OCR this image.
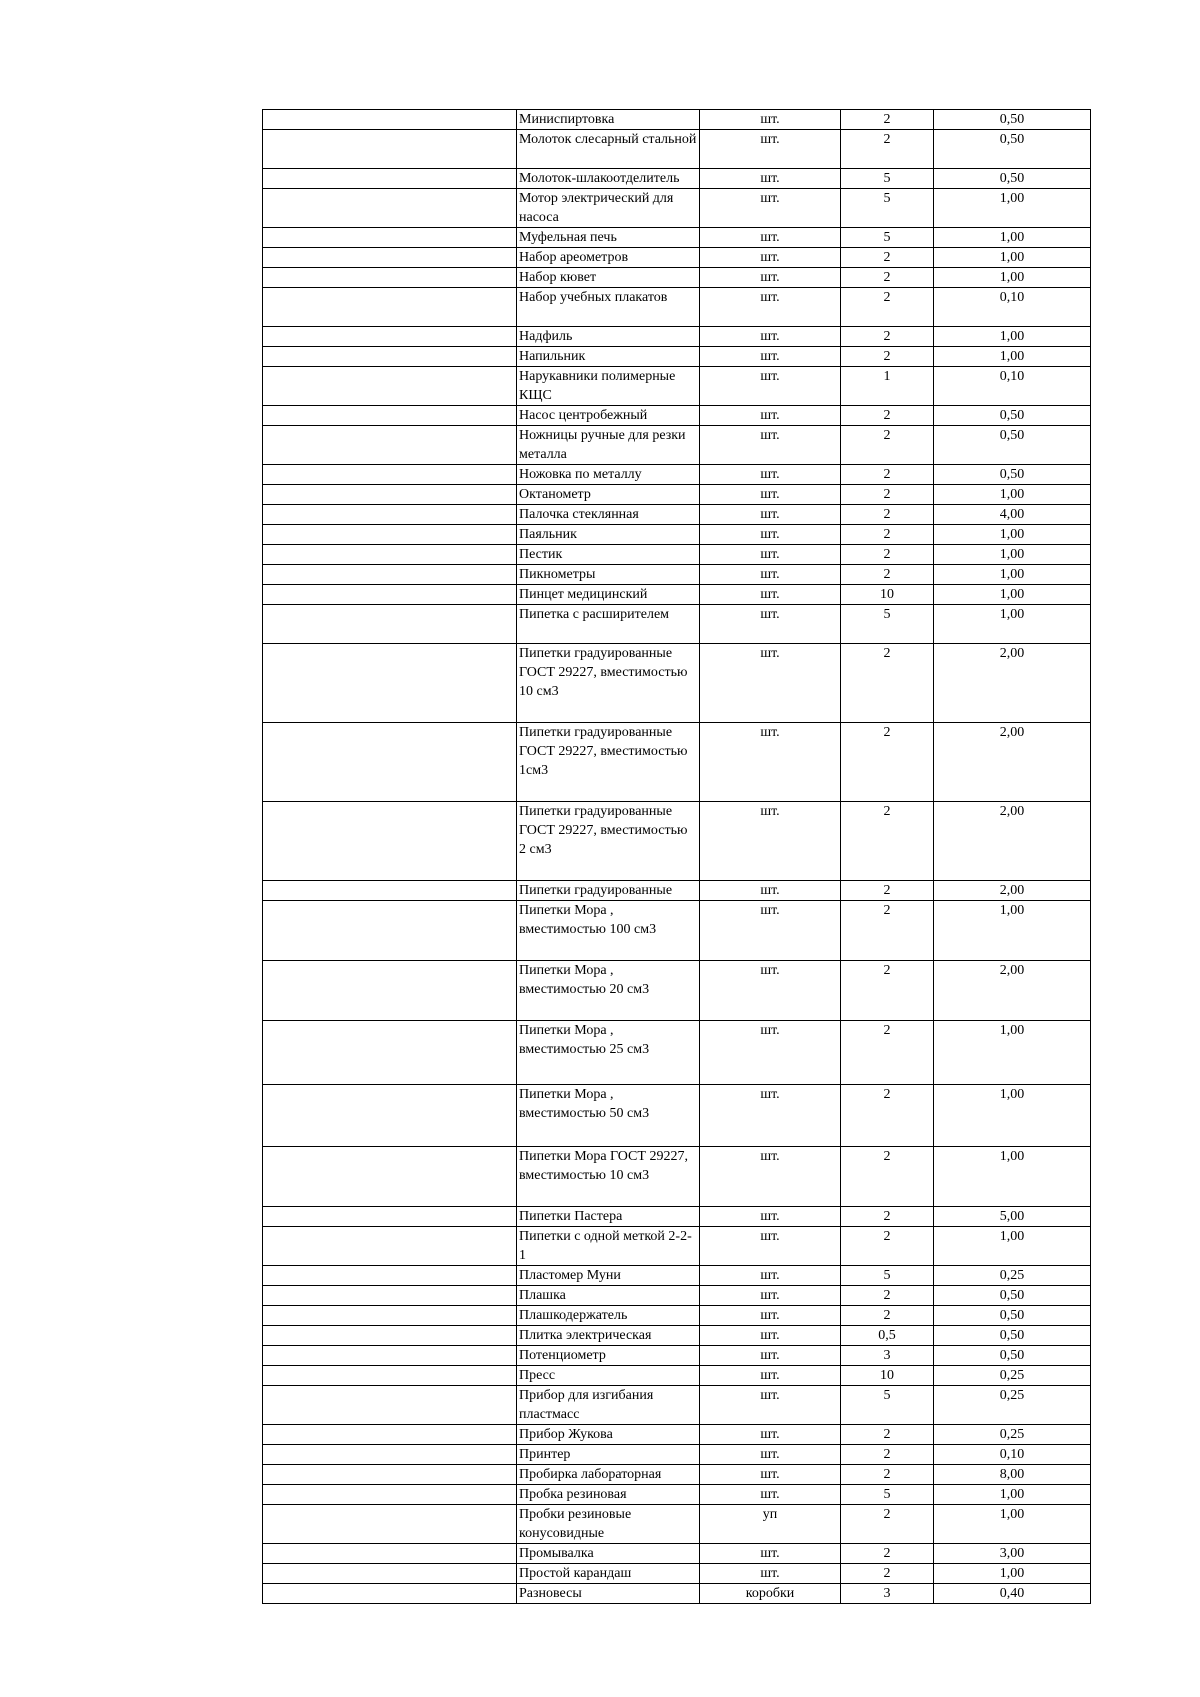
	Миниспиртовка	шт.	2	0,50
	Молоток слесарный стальной	шт.	2	0,50
	Молоток-шлакоотделитель	шт.	5	0,50
	Мотор электрический для насоса	шт.	5	1,00
	Муфельная печь	шт.	5	1,00
	Набор ареометров	шт.	2	1,00
	Набор кювет	шт.	2	1,00
	Набор учебных плакатов	шт.	2	0,10
	Надфиль	шт.	2	1,00
	Напильник	шт.	2	1,00
	Нарукавники полимерные КЩС	шт.	1	0,10
	Насос центробежный	шт.	2	0,50
	Ножницы ручные для резки металла	шт.	2	0,50
	Ножовка по металлу	шт.	2	0,50
	Октанометр	шт.	2	1,00
	Палочка стеклянная	шт.	2	4,00
	Паяльник	шт.	2	1,00
	Пестик	шт.	2	1,00
	Пикнометры	шт.	2	1,00
	Пинцет медицинский	шт.	10	1,00
	Пипетка с расширителем	шт.	5	1,00
	Пипетки градуированные ГОСТ 29227, вместимостью 10 см3	шт.	2	2,00
	Пипетки градуированные ГОСТ 29227, вместимостью 1см3	шт.	2	2,00
	Пипетки градуированные ГОСТ 29227, вместимостью 2 см3	шт.	2	2,00
	Пипетки градуированные	шт.	2	2,00
	Пипетки Мора , вместимостью 100 см3	шт.	2	1,00
	Пипетки Мора , вместимостью 20 см3	шт.	2	2,00
	Пипетки Мора , вместимостью 25 см3	шт.	2	1,00
	Пипетки Мора , вместимостью 50 см3	шт.	2	1,00
	Пипетки Мора ГОСТ 29227, вместимостью 10 см3	шт.	2	1,00
	Пипетки Пастера	шт.	2	5,00
	Пипетки с одной меткой 2-2-1	шт.	2	1,00
	Пластомер Муни	шт.	5	0,25
	Плашка	шт.	2	0,50
	Плашкодержатель	шт.	2	0,50
	Плитка электрическая	шт.	0,5	0,50
	Потенциометр	шт.	3	0,50
	Пресс	шт.	10	0,25
	Прибор для изгибания пластмасс	шт.	5	0,25
	Прибор Жукова	шт.	2	0,25
	Принтер	шт.	2	0,10
	Пробирка лабораторная	шт.	2	8,00
	Пробка резиновая	шт.	5	1,00
	Пробки резиновые конусовидные	уп	2	1,00
	Промывалка	шт.	2	3,00
	Простой карандаш	шт.	2	1,00
	Разновесы	коробки	3	0,40
